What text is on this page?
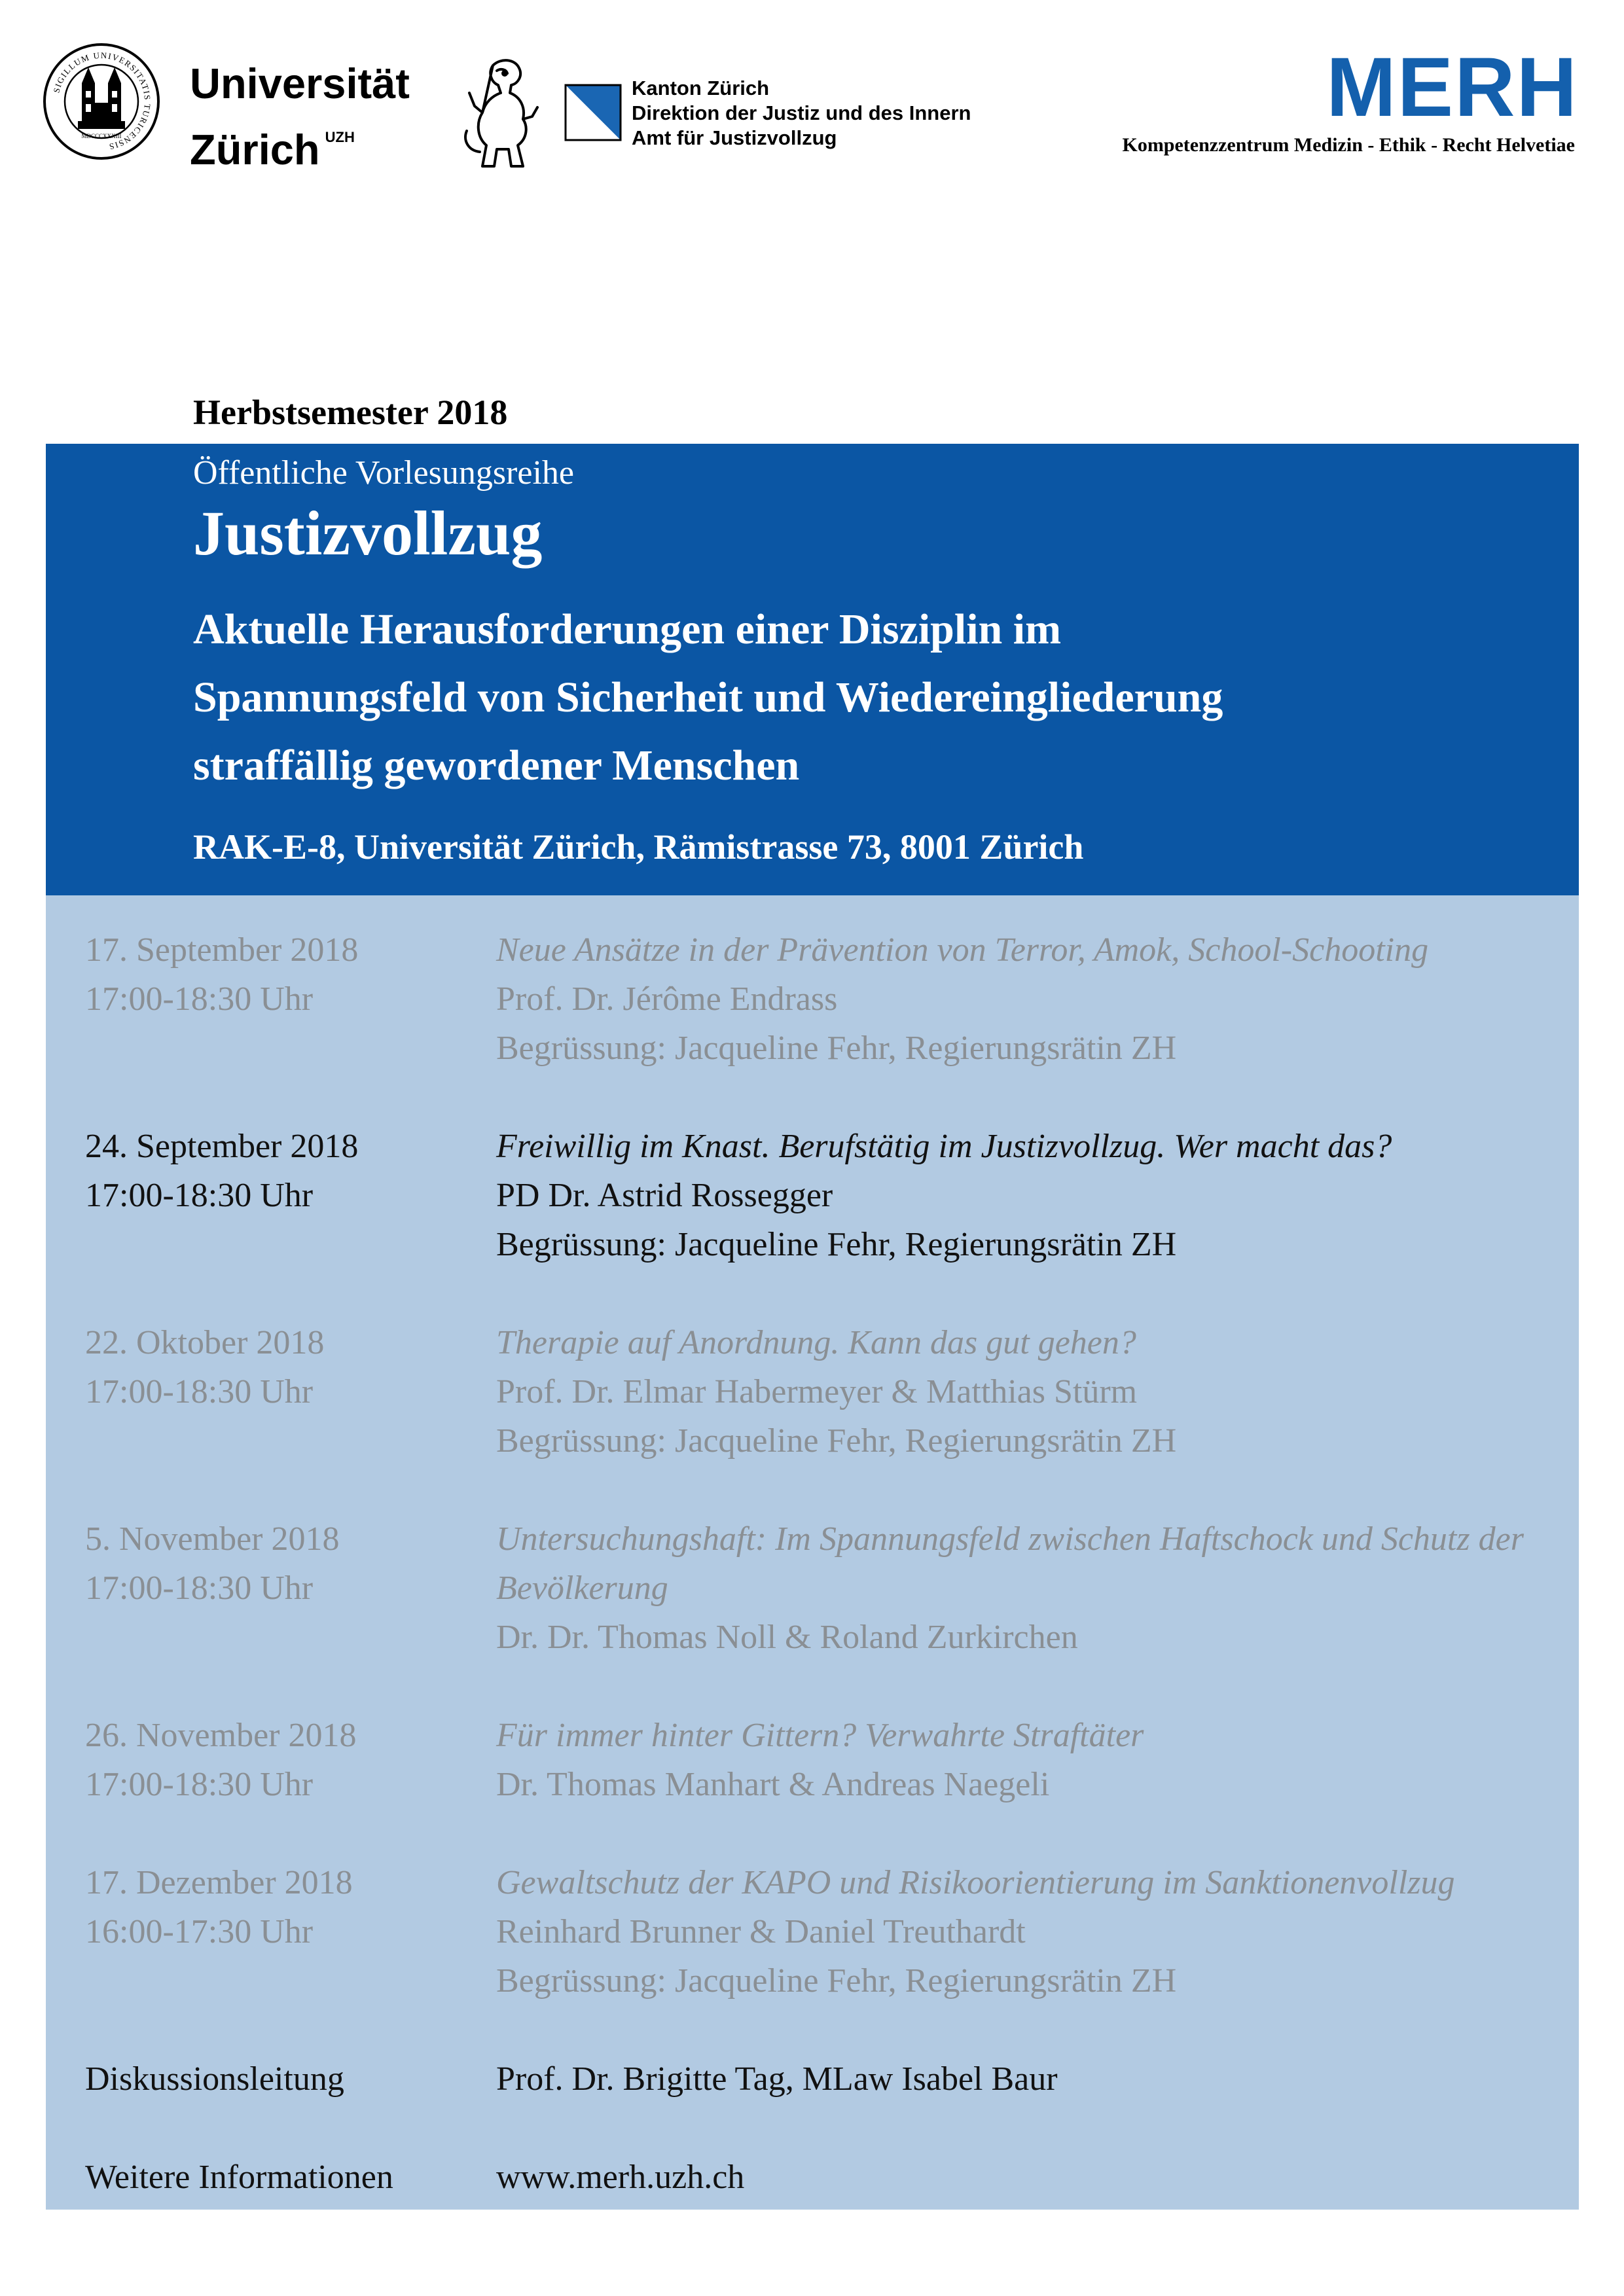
SIGILLUM UNIVERSITATIS TURICENSIS
MDCCCXXXIII
Universität
Zürich $^{UZH}$
Kanton Zürich
Direktion der Justiz und des Innern
Amt für Justizvollzug
MERH
Kompetenzzentrum Medizin - Ethik - Recht Helvetiae
Herbstsemester 2018
Öffentliche Vorlesungsreihe
Justizvollzug
Aktuelle Herausforderungen einer Disziplin im
Spannungsfeld von Sicherheit und Wiedereingliederung
straffällig gewordener Menschen
RAK-E-8, Universität Zürich, Rämistrasse 73, 8001 Zürich
17. September 2018
17:00-18:30 Uhr
Neue Ansätze in der Prävention von Terror, Amok, School-Schooting
Prof. Dr. Jérôme Endrass
Begrüssung: Jacqueline Fehr, Regierungsrätin ZH
24. September 2018
17:00-18:30 Uhr
Freiwillig im Knast. Berufstätig im Justizvollzug. Wer macht das?
PD Dr. Astrid Rossegger
Begrüssung: Jacqueline Fehr, Regierungsrätin ZH
22. Oktober 2018
17:00-18:30 Uhr
Therapie auf Anordnung. Kann das gut gehen?
Prof. Dr. Elmar Habermeyer & Matthias Stürm
Begrüssung: Jacqueline Fehr, Regierungsrätin ZH
5. November 2018
17:00-18:30 Uhr
Untersuchungshaft: Im Spannungsfeld zwischen Haftschock und Schutz der Bevölkerung
Dr. Dr. Thomas Noll & Roland Zurkirchen
26. November 2018
17:00-18:30 Uhr
Für immer hinter Gittern? Verwahrte Straftäter
Dr. Thomas Manhart & Andreas Naegeli
17. Dezember 2018
16:00-17:30 Uhr
Gewaltschutz der KAPO und Risikoorientierung im Sanktionenvollzug
Reinhard Brunner & Daniel Treuthardt
Begrüssung: Jacqueline Fehr, Regierungsrätin ZH
Diskussionsleitung	Prof. Dr. Brigitte Tag, MLaw Isabel Baur
Weitere Informationen	www.merh.uzh.ch
